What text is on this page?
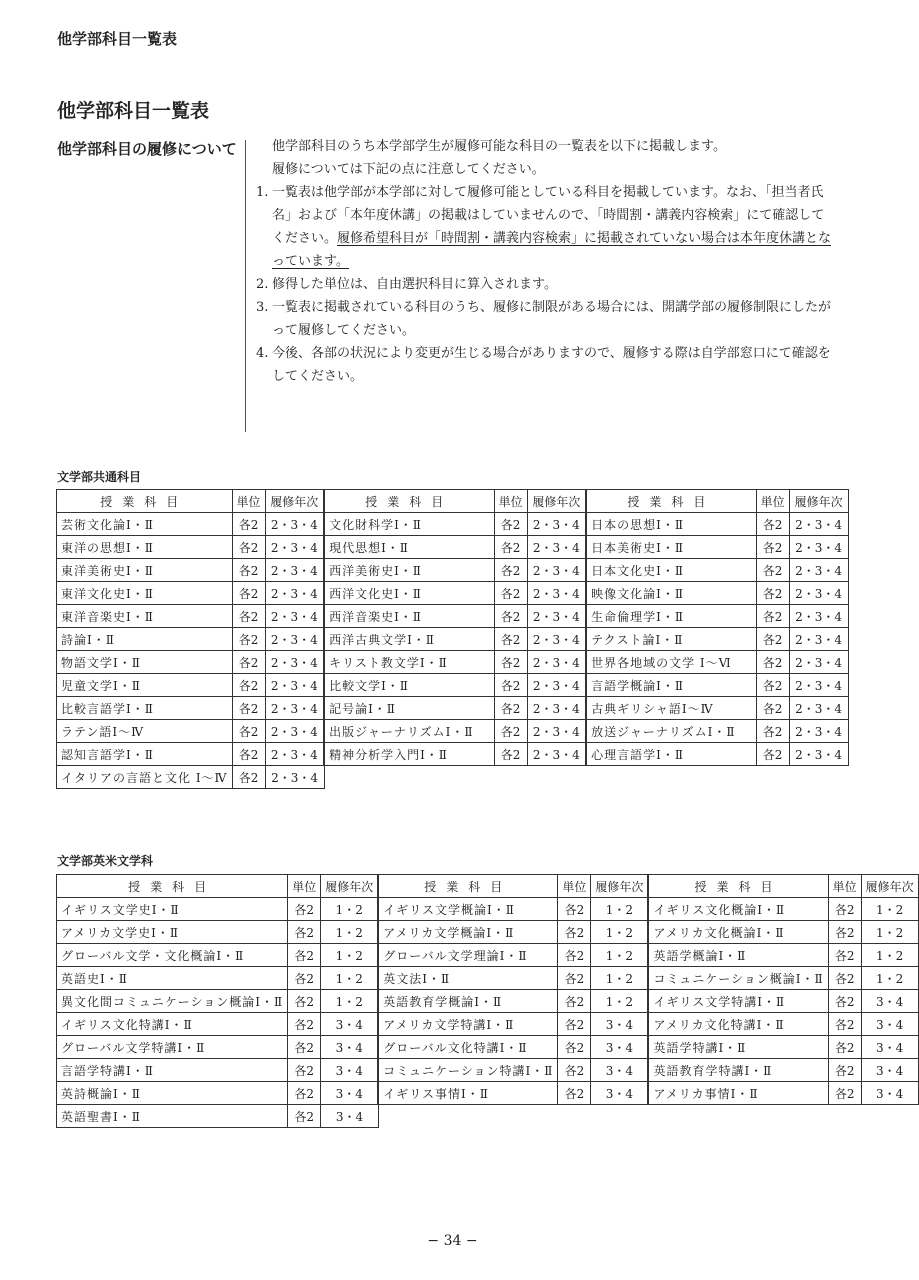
他学部科目一覧表
他学部科目一覧表
他学部科目の履修について	他学部科目のうち本学部学生が履修可能な科目の一覧表を以下に掲載します。

履修については下記の点に注意してください。

1. 一覧表は他学部が本学部に対して履修可能としている科目を掲載しています。なお、「担当者氏名」および「本年度休講」の掲載はしていませんので、「時間割・講義内容検索」にて確認してください。履修希望科目が「時間割・講義内容検索」に掲載されていない場合は本年度休講となっています。
2. 修得した単位は、自由選択科目に算入されます。
3. 一覧表に掲載されている科目のうち、履修に制限がある場合には、開講学部の履修制限にしたがって履修してください。
4. 今後、各部の状況により変更が生じる場合がありますので、履修する際は自学部窓口にて確認をしてください。
文学部共通科目
授業科目	単位	履修年次	授業科目	単位	履修年次	授業科目	単位	履修年次
芸術文化論Ⅰ・Ⅱ	各2	2・3・4	文化財科学Ⅰ・Ⅱ	各2	2・3・4	日本の思想Ⅰ・Ⅱ	各2	2・3・4
東洋の思想Ⅰ・Ⅱ	各2	2・3・4	現代思想Ⅰ・Ⅱ	各2	2・3・4	日本美術史Ⅰ・Ⅱ	各2	2・3・4
東洋美術史Ⅰ・Ⅱ	各2	2・3・4	西洋美術史Ⅰ・Ⅱ	各2	2・3・4	日本文化史Ⅰ・Ⅱ	各2	2・3・4
東洋文化史Ⅰ・Ⅱ	各2	2・3・4	西洋文化史Ⅰ・Ⅱ	各2	2・3・4	映像文化論Ⅰ・Ⅱ	各2	2・3・4
東洋音楽史Ⅰ・Ⅱ	各2	2・3・4	西洋音楽史Ⅰ・Ⅱ	各2	2・3・4	生命倫理学Ⅰ・Ⅱ	各2	2・3・4
詩論Ⅰ・Ⅱ	各2	2・3・4	西洋古典文学Ⅰ・Ⅱ	各2	2・3・4	テクスト論Ⅰ・Ⅱ	各2	2・3・4
物語文学Ⅰ・Ⅱ	各2	2・3・4	キリスト教文学Ⅰ・Ⅱ	各2	2・3・4	世界各地域の文学 Ⅰ〜Ⅵ	各2	2・3・4
児童文学Ⅰ・Ⅱ	各2	2・3・4	比較文学Ⅰ・Ⅱ	各2	2・3・4	言語学概論Ⅰ・Ⅱ	各2	2・3・4
比較言語学Ⅰ・Ⅱ	各2	2・3・4	記号論Ⅰ・Ⅱ	各2	2・3・4	古典ギリシャ語Ⅰ〜Ⅳ	各2	2・3・4
ラテン語Ⅰ〜Ⅳ	各2	2・3・4	出版ジャーナリズムⅠ・Ⅱ	各2	2・3・4	放送ジャーナリズムⅠ・Ⅱ	各2	2・3・4
認知言語学Ⅰ・Ⅱ	各2	2・3・4	精神分析学入門Ⅰ・Ⅱ	各2	2・3・4	心理言語学Ⅰ・Ⅱ	各2	2・3・4
イタリアの言語と文化 Ⅰ〜Ⅳ	各2	2・3・4						
文学部英米文学科
授業科目	単位	履修年次	授業科目	単位	履修年次	授業科目	単位	履修年次
イギリス文学史Ⅰ・Ⅱ	各2	1・2	イギリス文学概論Ⅰ・Ⅱ	各2	1・2	イギリス文化概論Ⅰ・Ⅱ	各2	1・2
アメリカ文学史Ⅰ・Ⅱ	各2	1・2	アメリカ文学概論Ⅰ・Ⅱ	各2	1・2	アメリカ文化概論Ⅰ・Ⅱ	各2	1・2
グローバル文学・文化概論Ⅰ・Ⅱ	各2	1・2	グローバル文学理論Ⅰ・Ⅱ	各2	1・2	英語学概論Ⅰ・Ⅱ	各2	1・2
英語史Ⅰ・Ⅱ	各2	1・2	英文法Ⅰ・Ⅱ	各2	1・2	コミュニケーション概論Ⅰ・Ⅱ	各2	1・2
異文化間コミュニケーション概論Ⅰ・Ⅱ	各2	1・2	英語教育学概論Ⅰ・Ⅱ	各2	1・2	イギリス文学特講Ⅰ・Ⅱ	各2	3・4
イギリス文化特講Ⅰ・Ⅱ	各2	3・4	アメリカ文学特講Ⅰ・Ⅱ	各2	3・4	アメリカ文化特講Ⅰ・Ⅱ	各2	3・4
グローバル文学特講Ⅰ・Ⅱ	各2	3・4	グローバル文化特講Ⅰ・Ⅱ	各2	3・4	英語学特講Ⅰ・Ⅱ	各2	3・4
言語学特講Ⅰ・Ⅱ	各2	3・4	コミュニケーション特講Ⅰ・Ⅱ	各2	3・4	英語教育学特講Ⅰ・Ⅱ	各2	3・4
英詩概論Ⅰ・Ⅱ	各2	3・4	イギリス事情Ⅰ・Ⅱ	各2	3・4	アメリカ事情Ⅰ・Ⅱ	各2	3・4
英語聖書Ⅰ・Ⅱ	各2	3・4						
− 34 −
